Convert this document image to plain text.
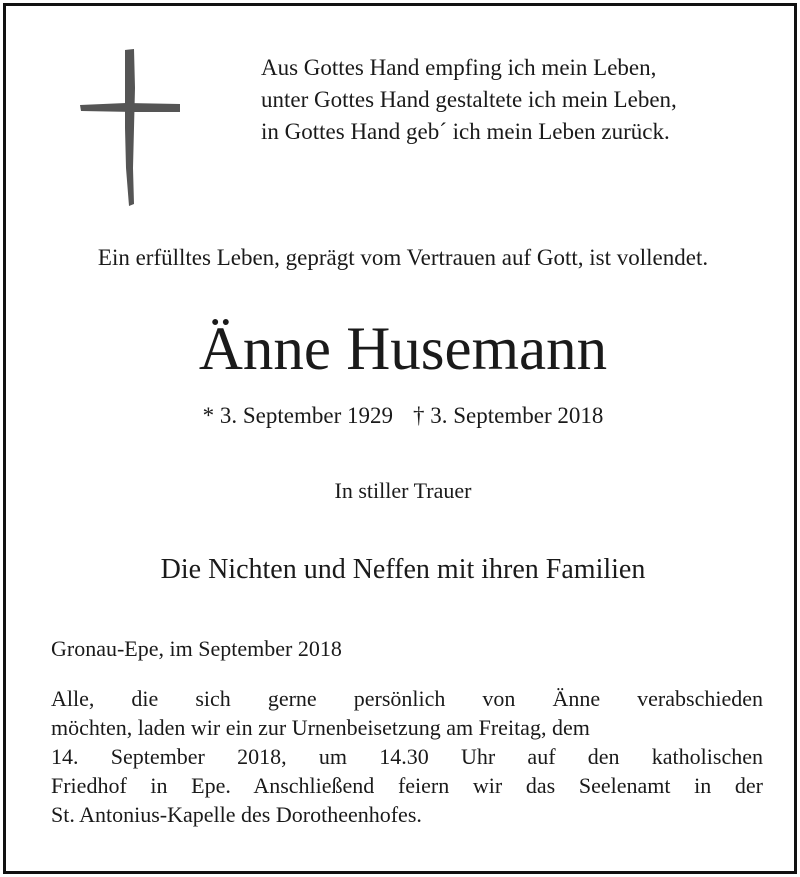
Aus Gottes Hand empfing ich mein Leben,
unter Gottes Hand gestaltete ich mein Leben,
in Gottes Hand geb´ ich mein Leben zurück.
Ein erfülltes Leben, geprägt vom Vertrauen auf Gott, ist vollendet.
Änne Husemann
* 3. September 1929 † 3. September 2018
In stiller Trauer
Die Nichten und Neffen mit ihren Familien
Gronau-Epe, im September 2018
Alle, die sich gerne persönlich von Änne verabschieden
möchten, laden wir ein zur Urnenbeisetzung am Freitag, dem
14. September 2018, um 14.30 Uhr auf den katholischen
Friedhof in Epe. Anschließend feiern wir das Seelenamt in der
St. Antonius-Kapelle des Dorotheenhofes.
